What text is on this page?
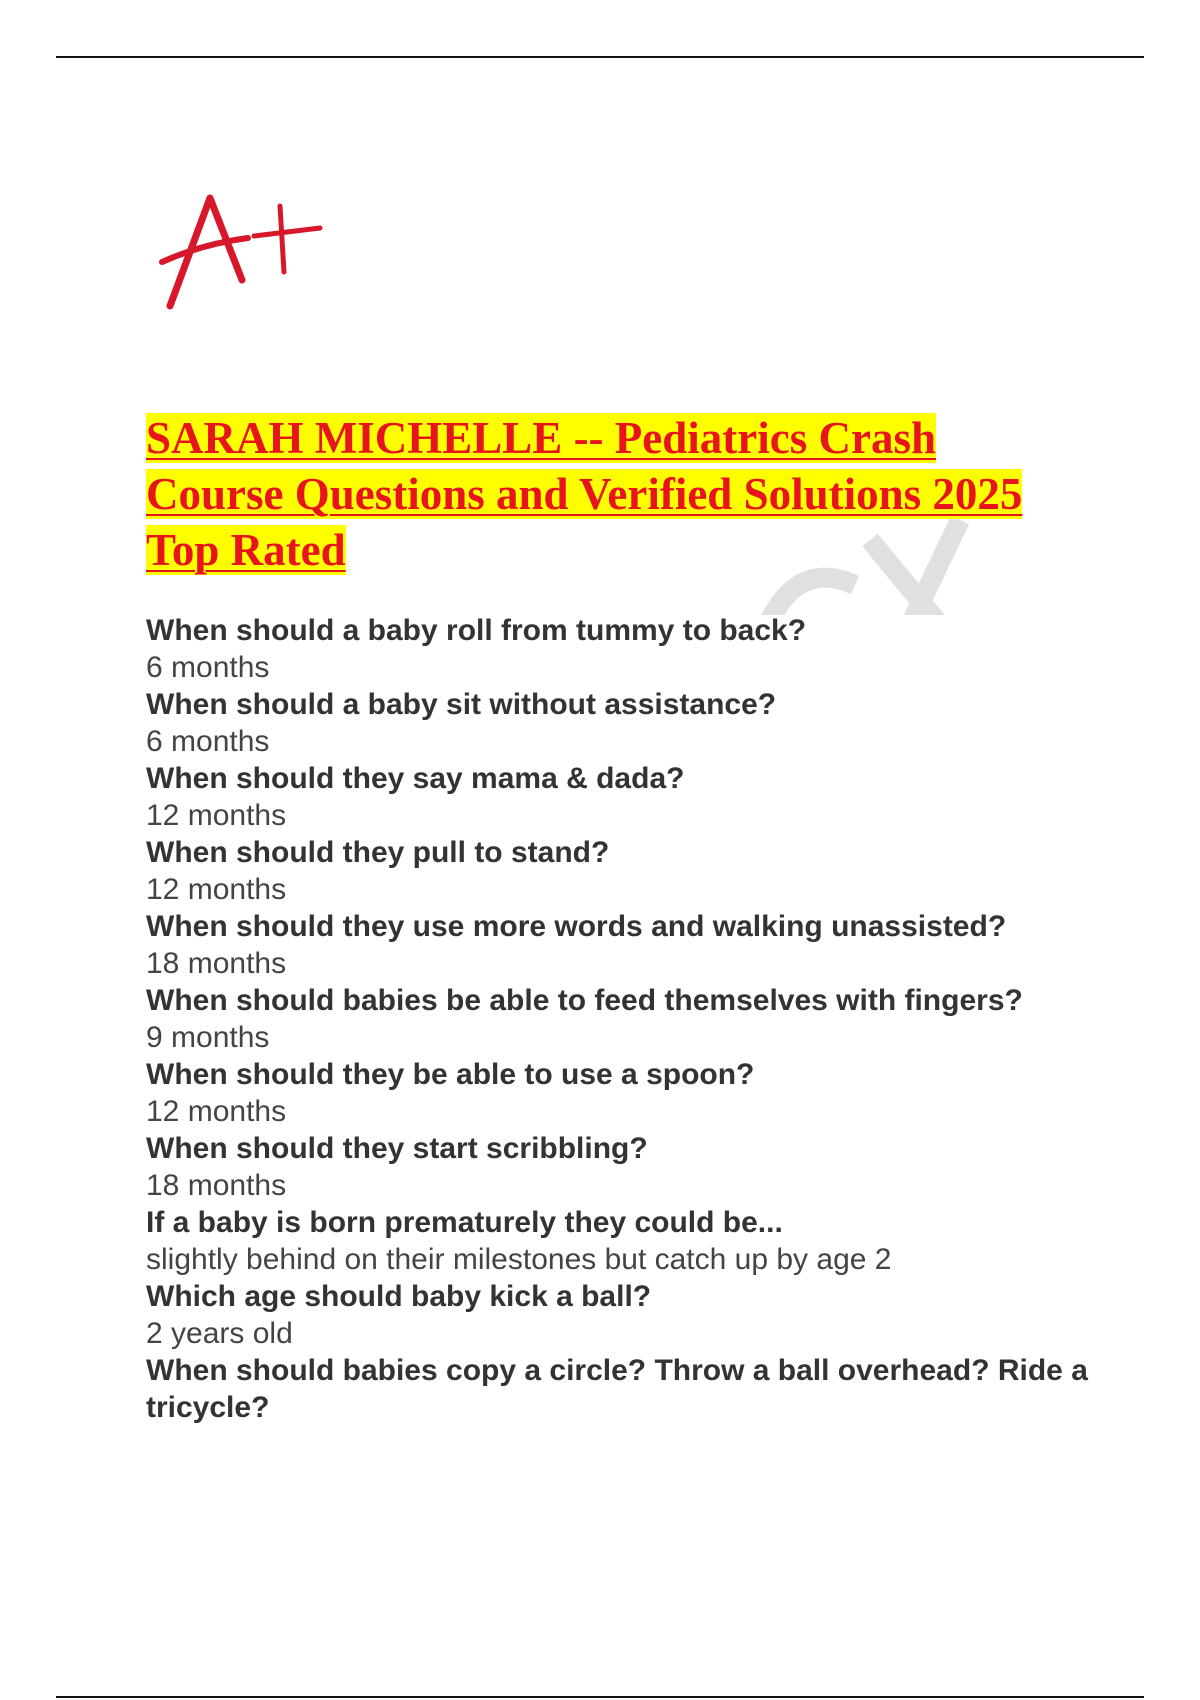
SARAH MICHELLE -- Pediatrics Crash Course Questions and Verified Solutions 2025 Top Rated

When should a baby roll from tummy to back?

6 months

When should a baby sit without assistance?

6 months

When should they say mama & dada?

12 months

When should they pull to stand?

12 months

When should they use more words and walking unassisted?

18 months

When should babies be able to feed themselves with fingers?

9 months

When should they be able to use a spoon?

12 months

When should they start scribbling?

18 months

If a baby is born prematurely they could be...

slightly behind on their milestones but catch up by age 2

Which age should baby kick a ball?

2 years old

When should babies copy a circle? Throw a ball overhead? Ride a tricycle?
